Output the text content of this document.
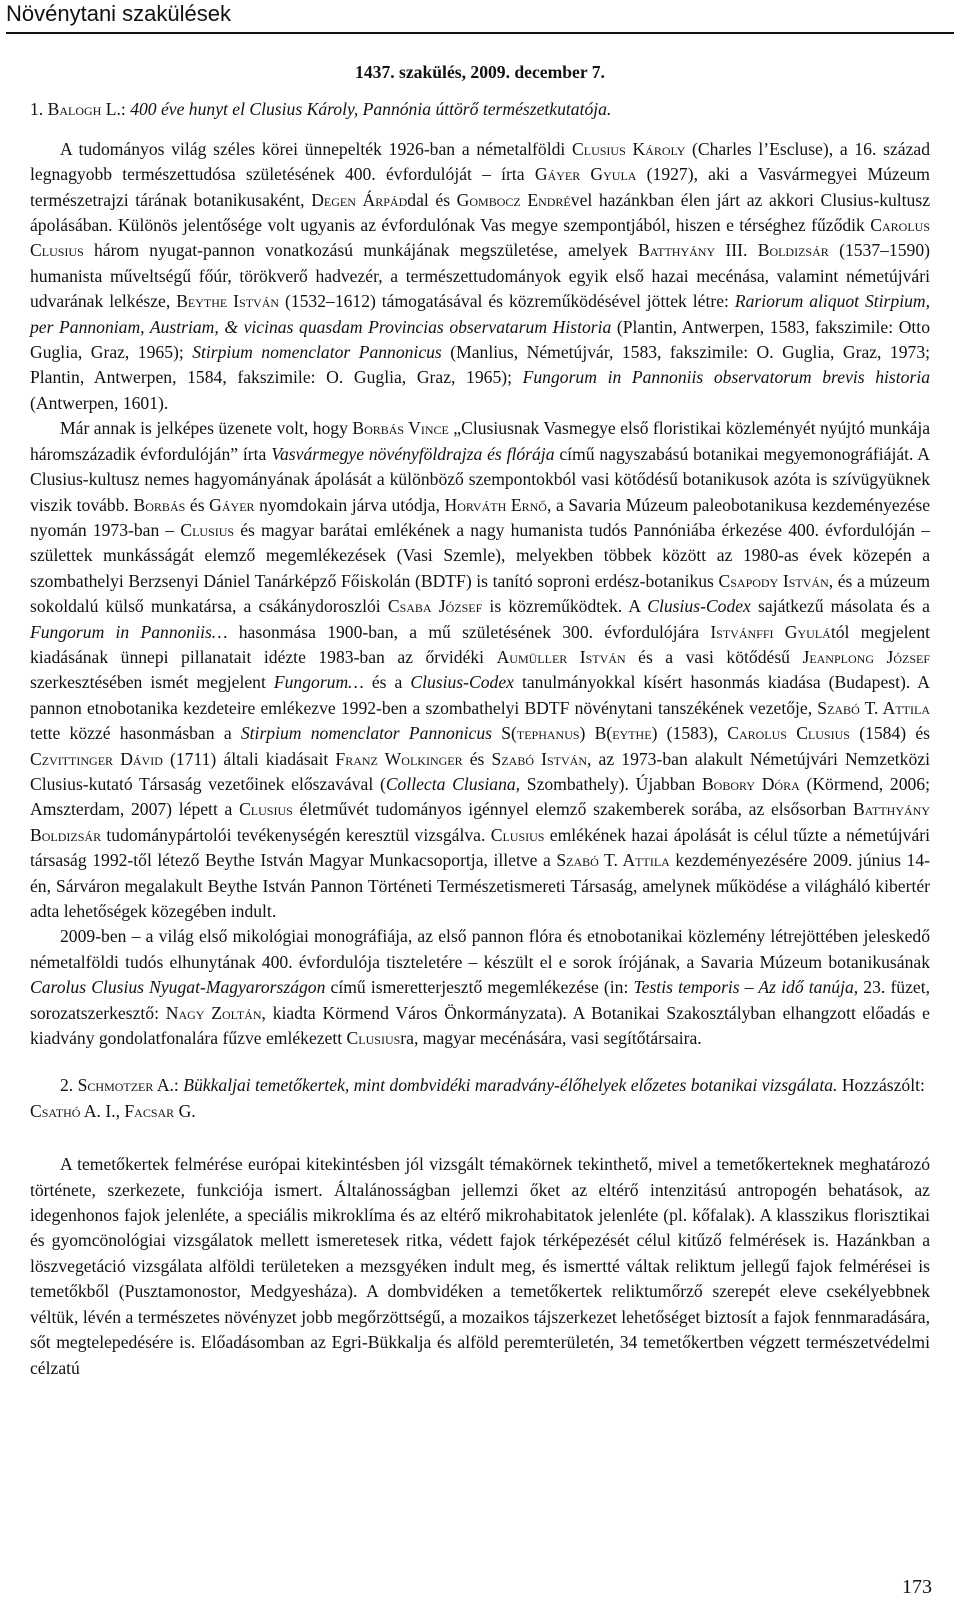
Növénytani szakülések
1437. szakülés, 2009. december 7.
1. Balogh L.: 400 éve hunyt el Clusius Károly, Pannónia úttörő természetkutatója.

A tudományos világ széles körei ünnepelték 1926-ban a németalföldi Clusius Károly (Charles l’Escluse), a 16. század legnagyobb természettudósa születésének 400. évfordulóját – írta Gáyer Gyula (1927), aki a Vasvármegyei Múzeum természetrajzi tárának botanikusaként, Degen Árpáddal és Gombocz Endrével hazánkban élen járt az akkori Clusius-kultusz ápolásában. Különös jelentősége volt ugyanis az évfordulónak Vas megye szempontjából, hiszen e térséghez fűződik Carolus Clusius három nyugat-pannon vonatkozású munkájának megszületése, amelyek Batthyány III. Boldizsár (1537–1590) humanista műveltségű főúr, törökverő hadvezér, a természettudományok egyik első hazai mecénása, valamint németújvári udvarának lelkésze, Beythe István (1532–1612) támogatásával és közreműködésével jöttek létre: Rariorum aliquot Stirpium, per Pannoniam, Austriam, & vicinas quasdam Provincias observatarum Historia (Plantin, Antwerpen, 1583, fakszimile: Otto Guglia, Graz, 1965); Stirpium nomenclator Pannonicus (Manlius, Németújvár, 1583, fakszimile: O. Guglia, Graz, 1973; Plantin, Antwerpen, 1584, fakszimile: O. Guglia, Graz, 1965); Fungorum in Pannoniis observatorum brevis historia (Antwerpen, 1601).

Már annak is jelképes üzenete volt, hogy Borbás Vince „Clusiusnak Vasmegye első floristikai közleményét nyújtó munkája háromszázadik évfordulóján” írta Vasvármegye növényföldrajza és flórája című nagyszabású botanikai megyemonográfiáját. A Clusius-kultusz nemes hagyományának ápolását a különböző szempontokból vasi kötődésű botanikusok azóta is szívügyüknek viszik tovább. Borbás és Gáyer nyomdokain járva utódja, Horváth Ernő, a Savaria Múzeum paleobotanikusa kezdeményezése nyomán 1973-ban – Clusius és magyar barátai emlékének a nagy humanista tudós Pannóniába érkezése 400. évfordulóján – születtek munkásságát elemző megemlékezések (Vasi Szemle), melyekben többek között az 1980-as évek közepén a szombathelyi Berzsenyi Dániel Tanárképző Főiskolán (BDTF) is tanító soproni erdész-botanikus Csapody István, és a múzeum sokoldalú külső munkatársa, a csákánydoroszlói Csaba József is közreműködtek. A Clusius-Codex sajátkezű másolata és a Fungorum in Pannoniis… hasonmása 1900-ban, a mű születésének 300. évfordulójára Istvánffi Gyulától megjelent kiadásának ünnepi pillanatait idézte 1983-ban az őrvidéki Aumüller István és a vasi kötődésű Jeanplong József szerkesztésében ismét megjelent Fungorum… és a Clusius-Codex tanulmányokkal kísért hasonmás kiadása (Budapest). A pannon etnobotanika kezdeteire emlékezve 1992-ben a szombathelyi BDTF növénytani tanszékének vezetője, Szabó T. Attila tette közzé hasonmásban a Stirpium nomenclator Pannonicus S(tephanus) B(eythe) (1583), Carolus Clusius (1584) és Czvittinger Dávid (1711) általi kiadásait Franz Wolkinger és Szabó István, az 1973-ban alakult Németújvári Nemzetközi Clusius-kutató Társaság vezetőinek előszavával (Collecta Clusiana, Szombathely). Újabban Bobory Dóra (Körmend, 2006; Amszterdam, 2007) lépett a Clusius életművét tudományos igénnyel elemző szakemberek sorába, az elsősorban Batthyány Boldizsár tudománypártolói tevékenységén keresztül vizsgálva. Clusius emlékének hazai ápolását is célul tűzte a németújvári társaság 1992-től létező Beythe István Magyar Munkacsoportja, illetve a Szabó T. Attila kezdeményezésére 2009. június 14-én, Sárváron megalakult Beythe István Pannon Történeti Természetismereti Társaság, amelynek működése a világháló kibertér adta lehetőségek közegében indult.

2009-ben – a világ első mikológiai monográfiája, az első pannon flóra és etnobotanikai közlemény létrejöttében jeleskedő németalföldi tudós elhunytának 400. évfordulója tiszteletére – készült el e sorok írójának, a Savaria Múzeum botanikusának Carolus Clusius Nyugat-Magyarországon című ismeretterjesztő megemlékezése (in: Testis temporis – Az idő tanúja, 23. füzet, sorozatszerkesztő: Nagy Zoltán, kiadta Körmend Város Önkormányzata). A Botanikai Szakosztályban elhangzott előadás e kiadvány gondolatfonalára fűzve emlékezett Clusiusra, magyar mecénására, vasi segítőtársaira.

2. Schmotzer A.: Bükkaljai temetőkertek, mint dombvidéki maradvány-élőhelyek előzetes botanikai vizsgálata. Hozzászólt: Csathó A. I., Facsar G.

A temetőkertek felmérése európai kitekintésben jól vizsgált témakörnek tekinthető, mivel a temetőkerteknek meghatározó története, szerkezete, funkciója ismert. Általánosságban jellemzi őket az eltérő intenzitású antropogén behatások, az idegenhonos fajok jelenléte, a speciális mikroklíma és az eltérő mikrohabitatok jelenléte (pl. kőfalak). A klasszikus florisztikai és gyomcönológiai vizsgálatok mellett ismeretesek ritka, védett fajok térképezését célul kitűző felmérések is. Hazánkban a löszvegetáció vizsgálata alföldi területeken a mezsgyéken indult meg, és ismertté váltak reliktum jellegű fajok felmérései is temetőkből (Pusztamonostor, Medgyesháza). A dombvidéken a temetőkertek reliktumőrző szerepét eleve csekélyebbnek véltük, lévén a természetes növényzet jobb megőrzöttségű, a mozaikos tájszerkezet lehetőséget biztosít a fajok fennmaradására, sőt megtelepedésére is. Előadásomban az Egri-Bükkalja és alföld peremterületén, 34 temetőkertben végzett természetvédelmi célzatú

173
